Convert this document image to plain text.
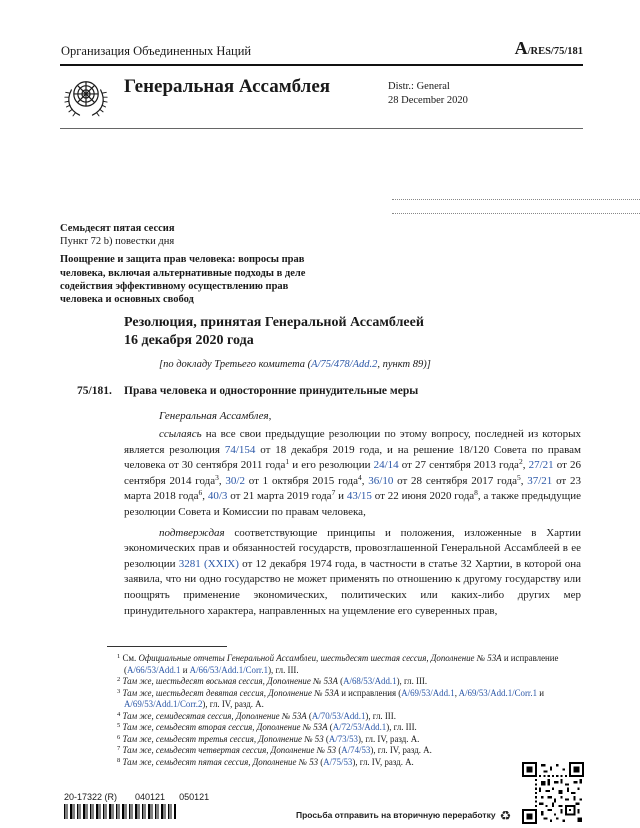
Организация Объединенных Наций	A/RES/75/181
Генеральная Ассамблея	Distr.: General
28 December 2020
Семьдесят пятая сессия
Пункт 72 b) повестки дня
Поощрение и защита прав человека: вопросы прав человека, включая альтернативные подходы в деле содействия эффективному осуществлению прав человека и основных свобод
Резолюция, принятая Генеральной Ассамблеей
16 декабря 2020 года
[по докладу Третьего комитета (A/75/478/Add.2, пункт 89)]
75/181.	Права человека и односторонние принудительные меры
Генеральная Ассамблея,
ссылаясь на все свои предыдущие резолюции по этому вопросу, последней из которых является резолюция 74/154 от 18 декабря 2019 года, и на решение 18/120 Совета по правам человека от 30 сентября 2011 года$^1$ и его резолюции 24/14 от 27 сентября 2013 года$^2$, 27/21 от 26 сентября 2014 года$^3$, 30/2 от 1 октября 2015 года$^4$, 36/10 от 28 сентября 2017 года$^5$, 37/21 от 23 марта 2018 года$^6$, 40/3 от 21 марта 2019 года$^7$ и 43/15 от 22 июня 2020 года$^8$, а также предыдущие резолюции Совета и Комиссии по правам человека,
подтверждая соответствующие принципы и положения, изложенные в Хартии экономических прав и обязанностей государств, провозглашенной Генеральной Ассамблеей в ее резолюции 3281 (XXIX) от 12 декабря 1974 года, в частности в статье 32 Хартии, в которой она заявила, что ни одно государство не может применять по отношению к другому государству или поощрять применение экономических, политических или каких-либо других мер принудительного характера, направленных на ущемление его суверенных прав,
$^1$ См. Официальные отчеты Генеральной Ассамблеи, шестьдесят шестая сессия, Дополнение № 53A и исправление (A/66/53/Add.1 и A/66/53/Add.1/Corr.1), гл. III.
$^2$ Там же, шестьдесят восьмая сессия, Дополнение № 53A (A/68/53/Add.1), гл. III.
$^3$ Там же, шестьдесят девятая сессия, Дополнение № 53A и исправления (A/69/53/Add.1, A/69/53/Add.1/Corr.1 и A/69/53/Add.1/Corr.2), гл. IV, разд. A.
$^4$ Там же, семидесятая сессия, Дополнение № 53A (A/70/53/Add.1), гл. III.
$^5$ Там же, семьдесят вторая сессия, Дополнение № 53A (A/72/53/Add.1), гл. III.
$^6$ Там же, семьдесят третья сессия, Дополнение № 53 (A/73/53), гл. IV, разд. A.
$^7$ Там же, семьдесят четвертая сессия, Дополнение № 53 (A/74/53), гл. IV, разд. A.
$^8$ Там же, семьдесят пятая сессия, Дополнение № 53 (A/75/53), гл. IV, разд. A.
20-17322 (R) 040121 050121
Просьба отправить на вторичную переработку ♻
